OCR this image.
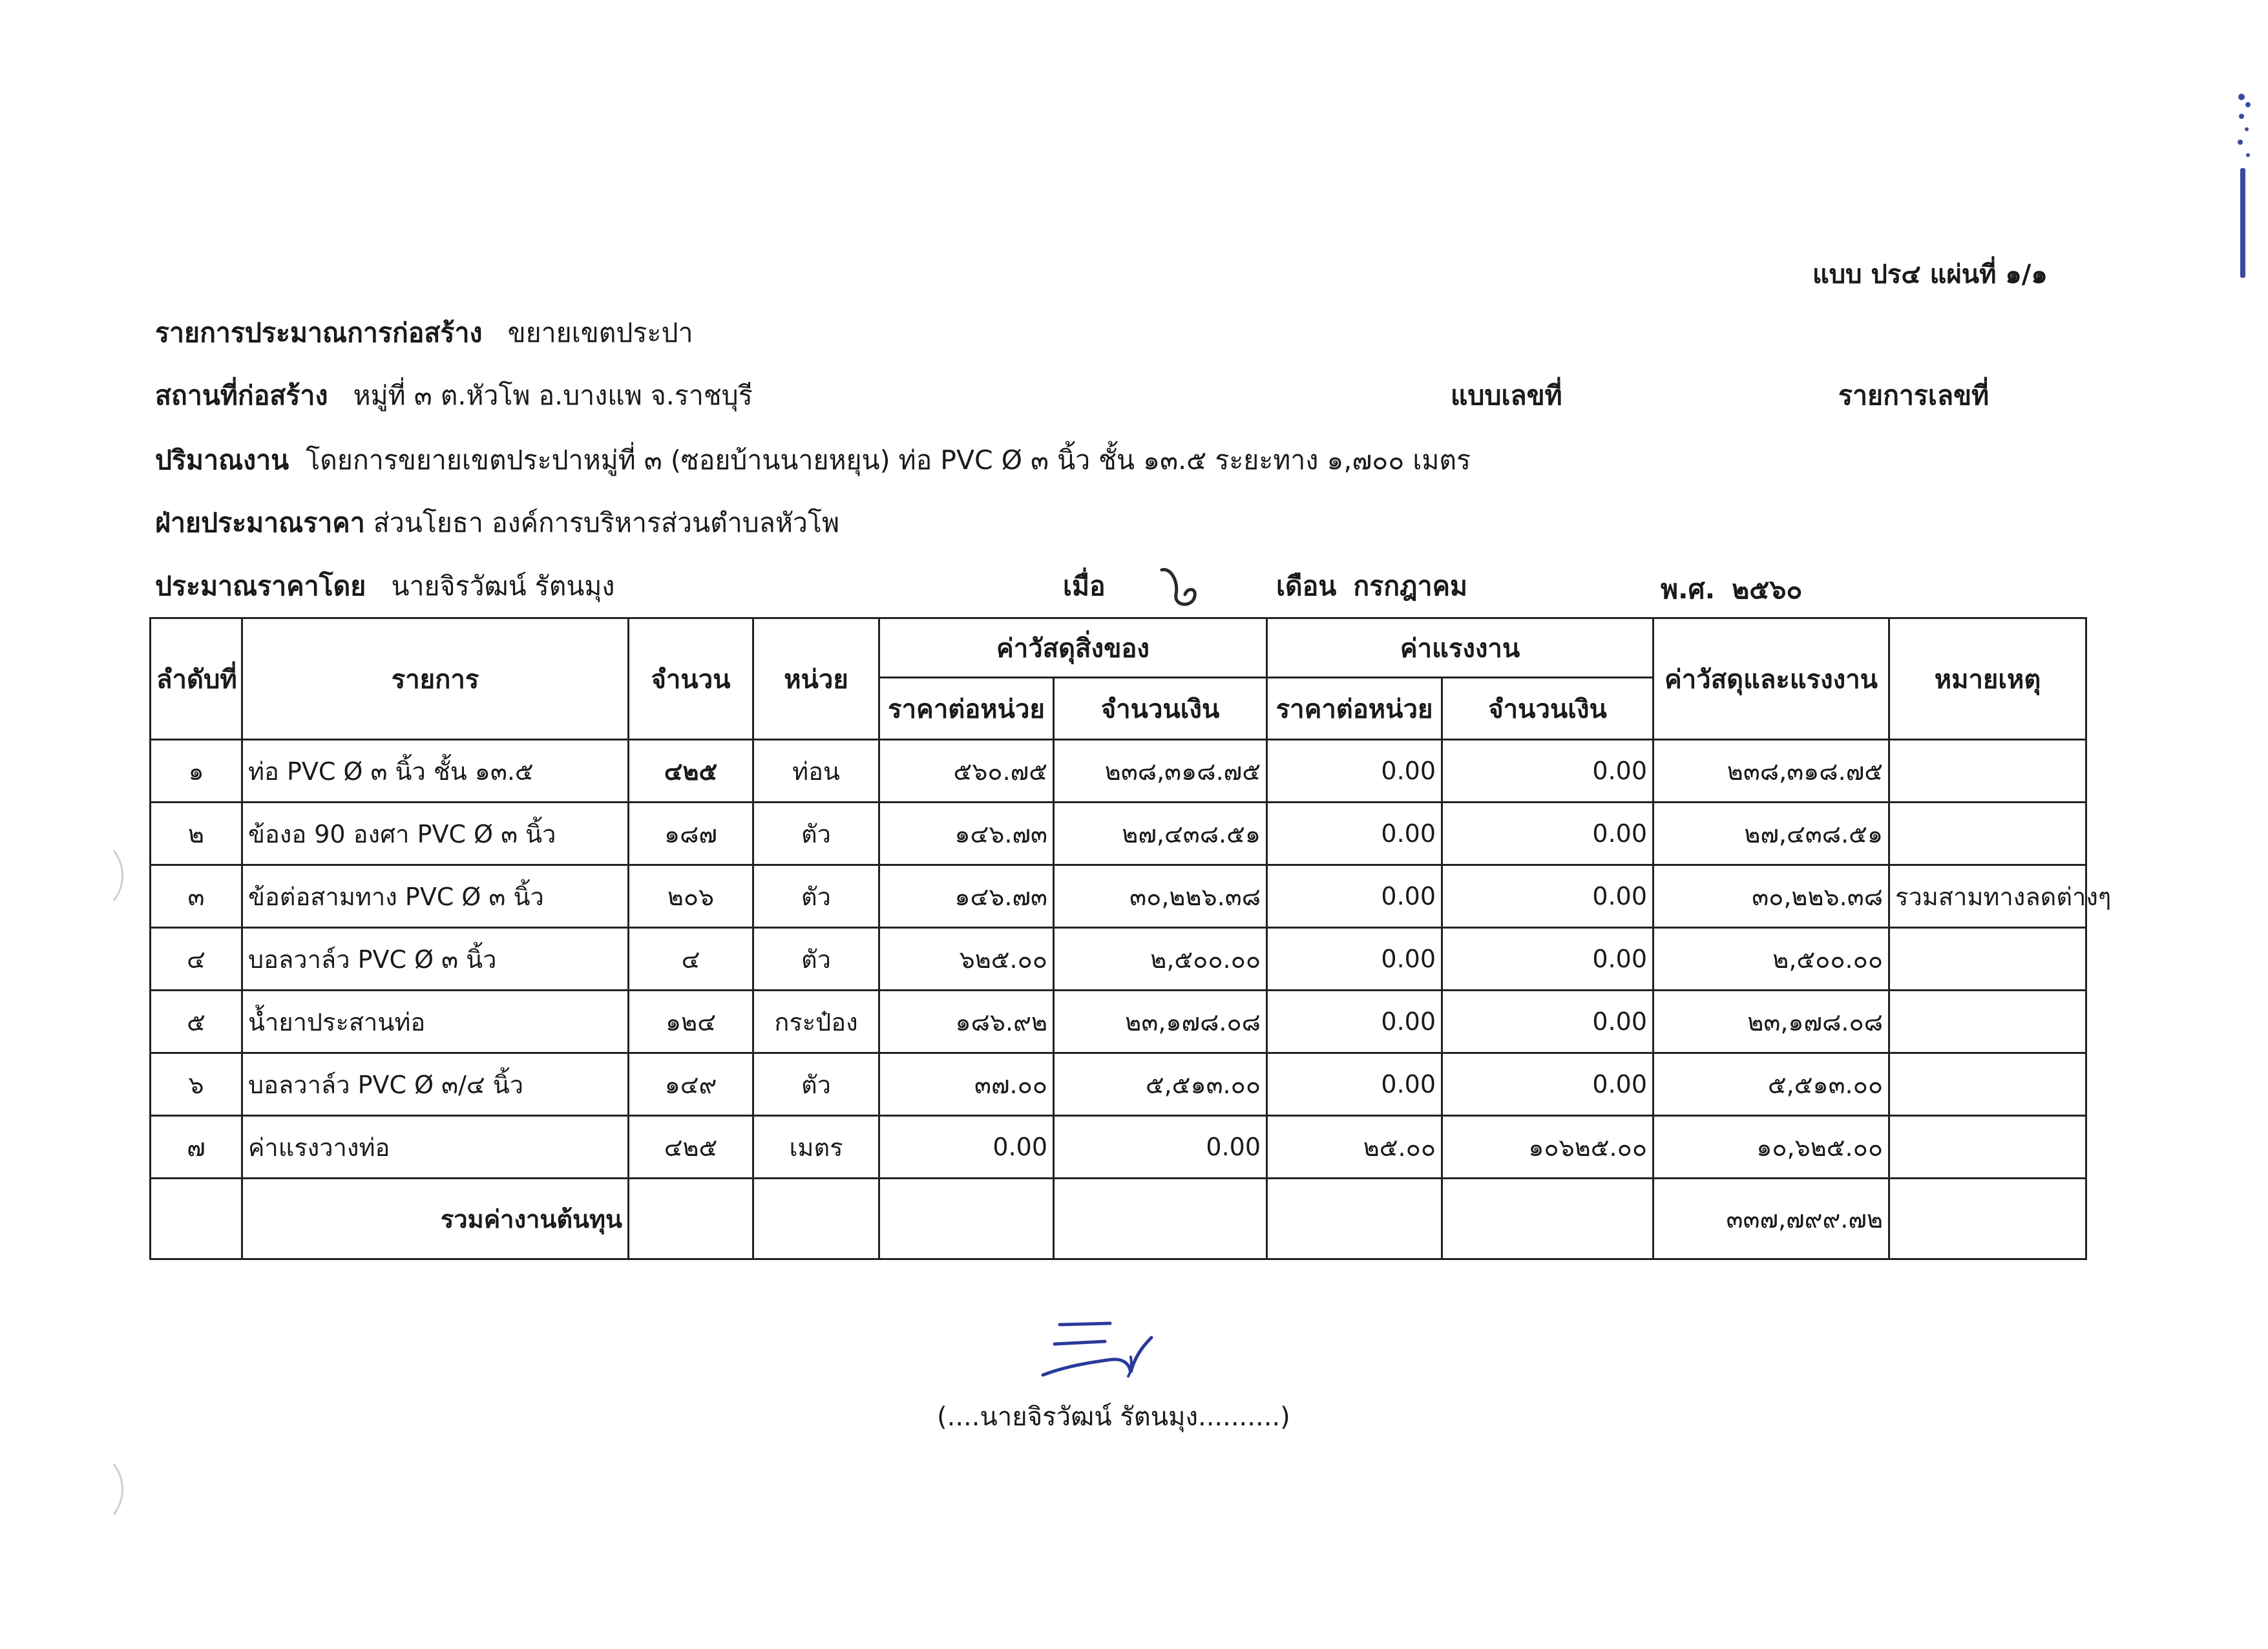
แบบ ปร๔ แผ่นที่ ๑/๑
รายการประมาณการก่อสร้าง ขยายเขตประปา
สถานที่ก่อสร้าง หมู่ที่ ๓ ต.หัวโพ อ.บางแพ จ.ราชบุรี	แบบเลขที่	รายการเลขที่
ปริมาณงาน โดยการขยายเขตประปาหมู่ที่ ๓ (ซอยบ้านนายหยุน) ท่อ PVC Ø ๓ นิ้ว ชั้น ๑๓.๕ ระยะทาง ๑,๗๐๐ เมตร
ฝ่ายประมาณราคา ส่วนโยธา องค์การบริหารส่วนตำบลหัวโพ
ประมาณราคาโดย นายจิรวัฒน์ รัตนมุง	เมื่อ	เดือน กรกฎาคม	พ.ศ. ๒๕๖๐
ลำดับที่	รายการ	จำนวน	หน่วย	ค่าวัสดุสิ่งของ		ค่าแรงงาน		ค่าวัสดุและแรงงาน	หมายเหตุ
				ราคาต่อหน่วย	จำนวนเงิน	ราคาต่อหน่วย	จำนวนเงิน		
๑	ท่อ PVC Ø ๓ นิ้ว ชั้น ๑๓.๕	๔๒๕	ท่อน	๕๖๐.๗๕	๒๓๘,๓๑๘.๗๕	0.00	0.00	๒๓๘,๓๑๘.๗๕	
๒	ข้องอ 90 องศา PVC Ø ๓ นิ้ว	๑๘๗	ตัว	๑๔๖.๗๓	๒๗,๔๓๘.๕๑	0.00	0.00	๒๗,๔๓๘.๕๑	
๓	ข้อต่อสามทาง PVC Ø ๓ นิ้ว	๒๐๖	ตัว	๑๔๖.๗๓	๓๐,๒๒๖.๓๘	0.00	0.00	๓๐,๒๒๖.๓๘	รวมสามทางลดต่างๆ
๔	บอลวาล์ว PVC Ø ๓ นิ้ว	๔	ตัว	๖๒๕.๐๐	๒,๕๐๐.๐๐	0.00	0.00	๒,๕๐๐.๐๐	
๕	น้ำยาประสานท่อ	๑๒๔	กระป๋อง	๑๘๖.๙๒	๒๓,๑๗๘.๐๘	0.00	0.00	๒๓,๑๗๘.๐๘	
๖	บอลวาล์ว PVC Ø ๓/๔ นิ้ว	๑๔๙	ตัว	๓๗.๐๐	๕,๕๑๓.๐๐	0.00	0.00	๕,๕๑๓.๐๐	
๗	ค่าแรงวางท่อ	๔๒๕	เมตร	0.00	0.00	๒๕.๐๐	๑๐๖๒๕.๐๐	๑๐,๖๒๕.๐๐	
	รวมค่างานต้นทุน							๓๓๗,๗๙๙.๗๒	
(....นายจิรวัฒน์ รัตนมุง..........)
